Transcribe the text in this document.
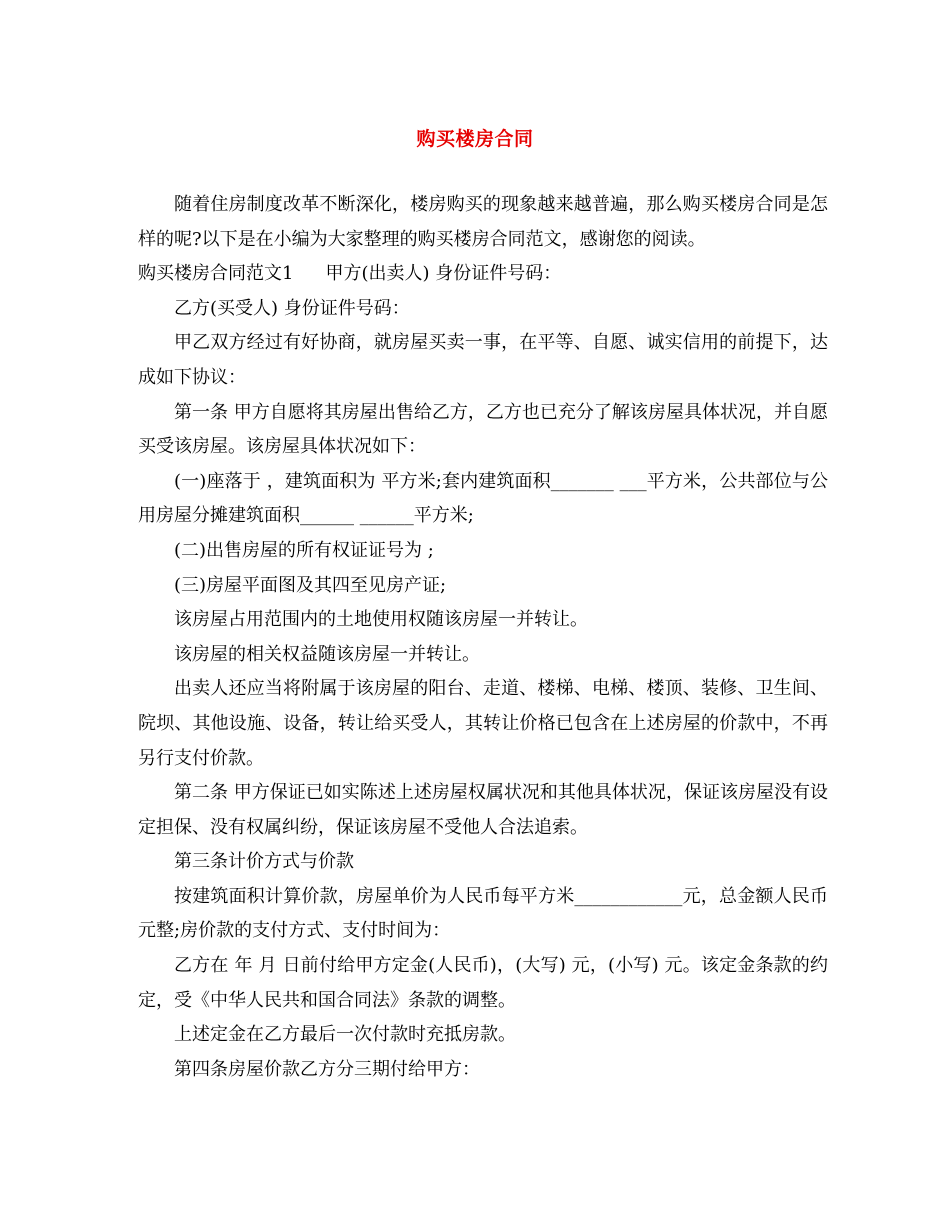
购买楼房合同

随着住房制度改革不断深化，楼房购买的现象越来越普遍，那么购买楼房合同是怎样的呢?以下是在小编为大家整理的购买楼房合同范文，感谢您的阅读。

购买楼房合同范文1 甲方(出卖人) 身份证件号码：

乙方(买受人) 身份证件号码：

甲乙双方经过有好协商，就房屋买卖一事，在平等、自愿、诚实信用的前提下，达成如下协议：

第一条 甲方自愿将其房屋出售给乙方，乙方也已充分了解该房屋具体状况，并自愿买受该房屋。该房屋具体状况如下：

(一)座落于 ，建筑面积为 平方米;套内建筑面积_______ ___平方米，公共部位与公用房屋分摊建筑面积______ ______平方米;

(二)出售房屋的所有权证证号为 ;

(三)房屋平面图及其四至见房产证;

该房屋占用范围内的土地使用权随该房屋一并转让。

该房屋的相关权益随该房屋一并转让。

出卖人还应当将附属于该房屋的阳台、走道、楼梯、电梯、楼顶、装修、卫生间、院坝、其他设施、设备，转让给买受人，其转让价格已包含在上述房屋的价款中，不再另行支付价款。

第二条 甲方保证已如实陈述上述房屋权属状况和其他具体状况，保证该房屋没有设定担保、没有权属纠纷，保证该房屋不受他人合法追索。

第三条计价方式与价款

按建筑面积计算价款，房屋单价为人民币每平方米____________元，总金额人民币 元整;房价款的支付方式、支付时间为：

乙方在 年 月 日前付给甲方定金(人民币)，(大写) 元，(小写) 元。该定金条款的约定，受《中华人民共和国合同法》条款的调整。

上述定金在乙方最后一次付款时充抵房款。

第四条房屋价款乙方分三期付给甲方：
